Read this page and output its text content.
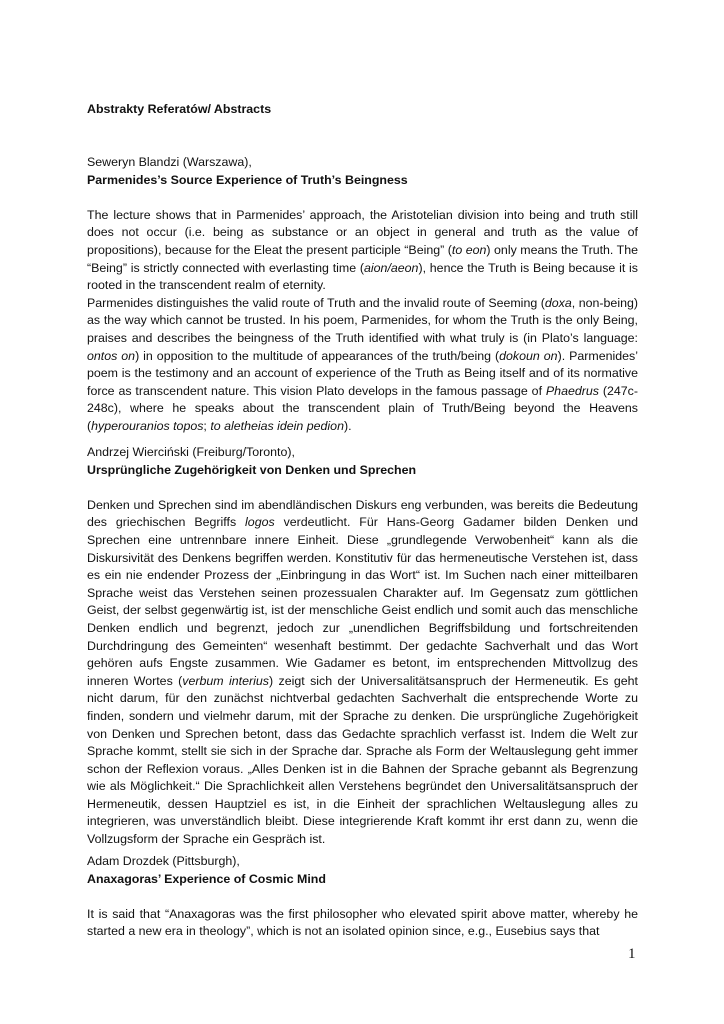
Abstrakty Referatów/ Abstracts

Seweryn Blandzi (Warszawa),

Parmenides’s Source Experience of Truth’s Beingness

The lecture shows that in Parmenides’ approach, the Aristotelian division into being and truth still does not occur (i.e. being as substance or an object in general and truth as the value of propositions), because for the Eleat the present participle “Being” (to eon) only means the Truth. The “Being” is strictly connected with everlasting time (aion/aeon), hence the Truth is Being because it is rooted in the transcendent realm of eternity.

Parmenides distinguishes the valid route of Truth and the invalid route of Seeming (doxa, non-being) as the way which cannot be trusted. In his poem, Parmenides, for whom the Truth is the only Being, praises and describes the beingness of the Truth identified with what truly is (in Plato’s language: ontos on) in opposition to the multitude of appearances of the truth/being (dokoun on). Parmenides’ poem is the testimony and an account of experience of the Truth as Being itself and of its normative force as transcendent nature. This vision Plato develops in the famous passage of Phaedrus (247c-248c), where he speaks about the transcendent plain of Truth/Being beyond the Heavens (hyperouranios topos; to aletheias idein pedion).

Andrzej Wierciński (Freiburg/Toronto),

Ursprüngliche Zugehörigkeit von Denken und Sprechen

Denken und Sprechen sind im abendländischen Diskurs eng verbunden, was bereits die Bedeutung des griechischen Begriffs logos verdeutlicht. Für Hans-Georg Gadamer bilden Denken und Sprechen eine untrennbare innere Einheit. Diese „grundlegende Verwobenheit“ kann als die Diskursivität des Denkens begriffen werden. Konstitutiv für das hermeneutische Verstehen ist, dass es ein nie endender Prozess der „Einbringung in das Wort“ ist. Im Suchen nach einer mitteilbaren Sprache weist das Verstehen seinen prozessualen Charakter auf. Im Gegensatz zum göttlichen Geist, der selbst gegenwärtig ist, ist der menschliche Geist endlich und somit auch das menschliche Denken endlich und begrenzt, jedoch zur „unendlichen Begriffsbildung und fortschreitenden Durchdringung des Gemeinten“ wesenhaft bestimmt. Der gedachte Sachverhalt und das Wort gehören aufs Engste zusammen. Wie Gadamer es betont, im entsprechenden Mittvollzug des inneren Wortes (verbum interius) zeigt sich der Universalitätsanspruch der Hermeneutik. Es geht nicht darum, für den zunächst nichtverbal gedachten Sachverhalt die entsprechende Worte zu finden, sondern und vielmehr darum, mit der Sprache zu denken. Die ursprüngliche Zugehörigkeit von Denken und Sprechen betont, dass das Gedachte sprachlich verfasst ist. Indem die Welt zur Sprache kommt, stellt sie sich in der Sprache dar. Sprache als Form der Weltauslegung geht immer schon der Reflexion voraus. „Alles Denken ist in die Bahnen der Sprache gebannt als Begrenzung wie als Möglichkeit.“ Die Sprachlichkeit allen Verstehens begründet den Universalitätsanspruch der Hermeneutik, dessen Hauptziel es ist, in die Einheit der sprachlichen Weltauslegung alles zu integrieren, was unverständlich bleibt. Diese integrierende Kraft kommt ihr erst dann zu, wenn die Vollzugsform der Sprache ein Gespräch ist.

Adam Drozdek (Pittsburgh),

Anaxagoras’ Experience of Cosmic Mind

It is said that “Anaxagoras was the first philosopher who elevated spirit above matter, whereby he started a new era in theology”, which is not an isolated opinion since, e.g., Eusebius says that

1
